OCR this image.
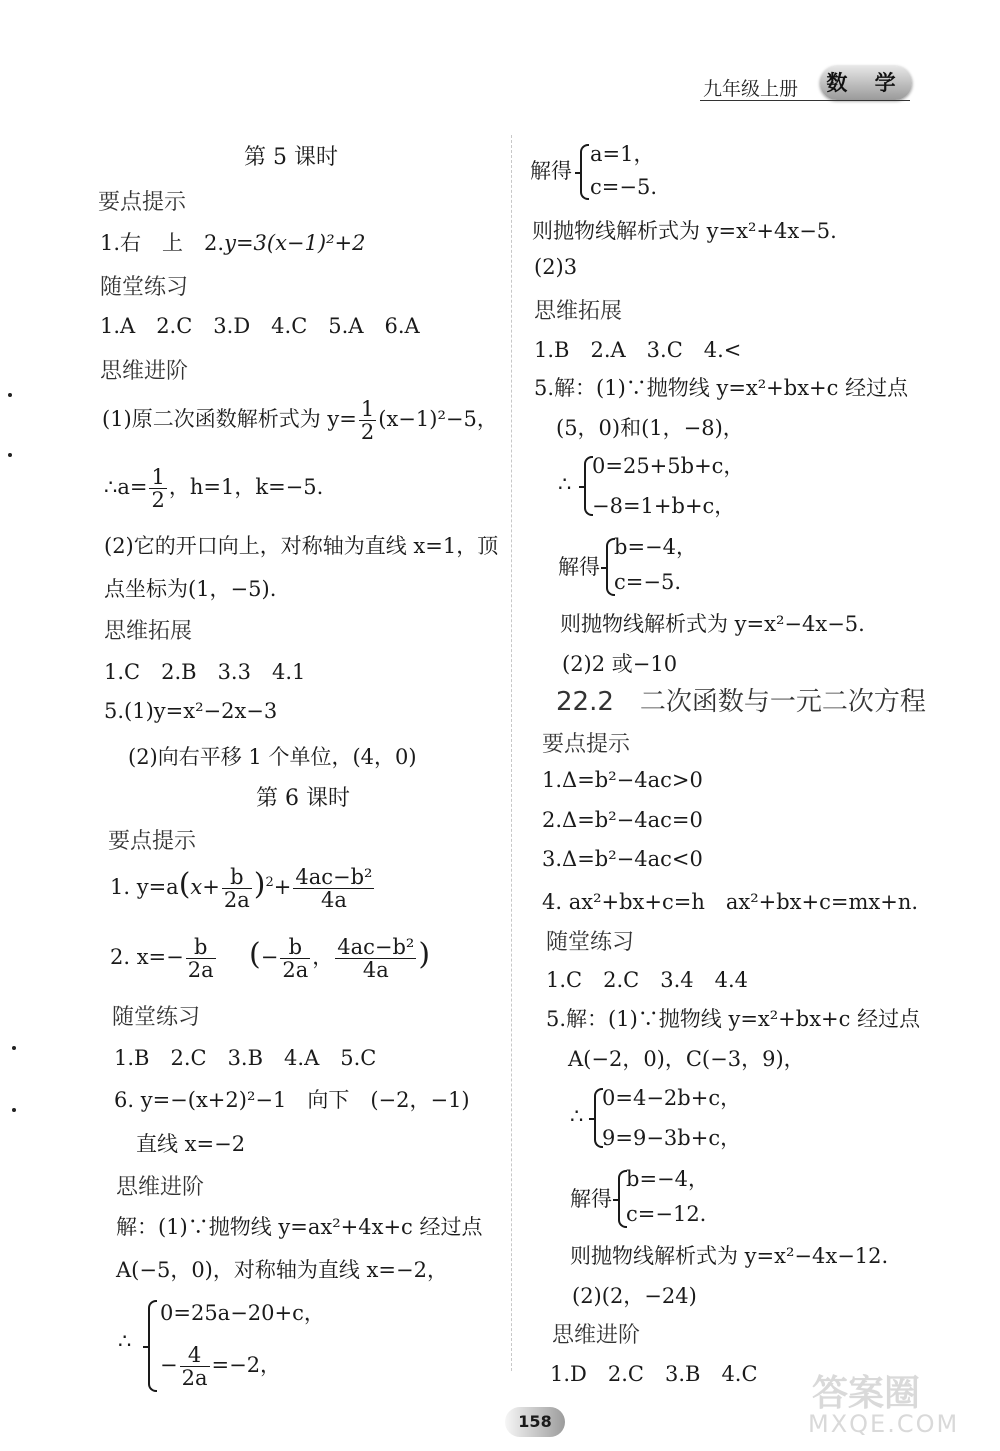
九年级上册	数 学
第 5 课时
要点提示
1.右　上　2.y=3(x−1)²+2
随堂练习
1.A　2.C　3.D　4.C　5.A　6.A
思维进阶
(1)原二次函数解析式为 $y= \frac{1}{2} (x-1)^2-5$，
∴a= $\frac{1}{2}$ ，h=1，k=−5.
(2)它的开口向上，对称轴为直线 x=1，顶
点坐标为(1，−5).
思维拓展
1.C　2.B　3.3　4.1
5.(1)y=x²−2x−3
(2)向右平移 1 个单位，(4，0)
第 6 课时
要点提示
1. $y=a(x+ \frac{b}{2a} )^2+ \frac{\text{4ac−b²}}{4a}$
2. $x=- \frac{b}{2a}$ (− $\frac{b}{2a}$ ， $\frac{\text{4ac−b²}}{4a}$ )
随堂练习
1.B　2.C　3.B　4.A　5.C
6. y=−(x+2)²−1　向下　(−2，−1)
直线 x=−2
思维进阶
解：(1)∵抛物线 y=ax²+4x+c 经过点
A(−5，0)，对称轴为直线 x=−2，
∴
0=25a−20+c，
− $\frac{4}{2a} =-2$，
解得
a=1，
c=−5.
则抛物线解析式为 y=x²+4x−5.
(2)3
思维拓展
1.B　2.A　3.C　4.<
5.解：(1)∵抛物线 y=x²+bx+c 经过点
(5，0)和(1，−8)，
∴
0=25+5b+c，
−8=1+b+c，
解得
b=−4，
c=−5.
则抛物线解析式为 y=x²−4x−5.
(2)2 或−10
22.2　二次函数与一元二次方程
要点提示
1.Δ=b²−4ac>0
2.Δ=b²−4ac=0
3.Δ=b²−4ac<0
4. ax²+bx+c=h　ax²+bx+c=mx+n.
随堂练习
1.C　2.C　3.4　4.4
5.解：(1)∵抛物线 y=x²+bx+c 经过点
A(−2，0)，C(−3，9)，
∴
0=4−2b+c，
9=9−3b+c，
解得
b=−4，
c=−12.
则抛物线解析式为 y=x²−4x−12.
(2)(2，−24)
思维进阶
1.D　2.C　3.B　4.C
158
答案圈
MXQE.COM
